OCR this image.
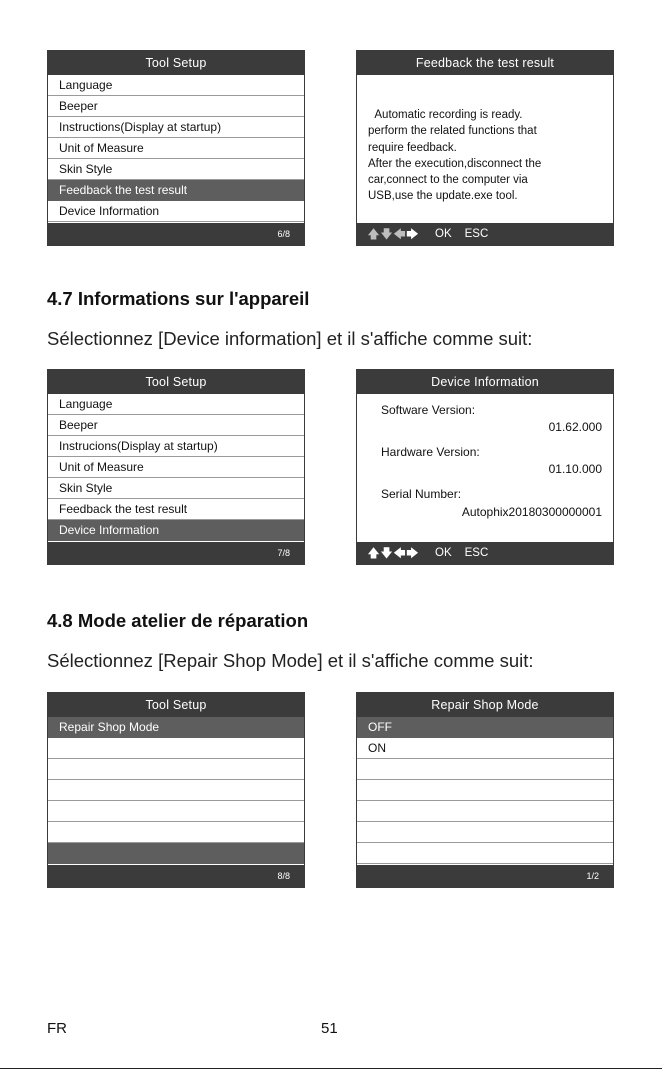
Tool Setup
Language
Beeper
Instructions(Display at startup)
Unit of Measure
Skin Style
Feedback the test result
Device Information
6/8
Feedback the test result
Automatic recording is ready.
perform the related functions that
require feedback.
After the execution,disconnect the
car,connect to the computer via
USB,use the update.exe tool.
🡅 🡇 🡄 🡆 OK ESC
4.7 Informations sur l'appareil
Sélectionnez [Device information] et il s'affiche comme suit:
Tool Setup
Language
Beeper
Instrucions(Display at startup)
Unit of Measure
Skin Style
Feedback the test result
Device Information
7/8
Device Information
Software Version:
01.62.000
Hardware Version:
01.10.000
Serial Number:
Autophix20180300000001
🡅 🡇 🡄 🡆 OK ESC
4.8 Mode atelier de réparation
Sélectionnez [Repair Shop Mode] et il s'affiche comme suit:
Tool Setup
Repair Shop Mode
8/8
Repair Shop Mode
OFF
ON
1/2
FR	51
